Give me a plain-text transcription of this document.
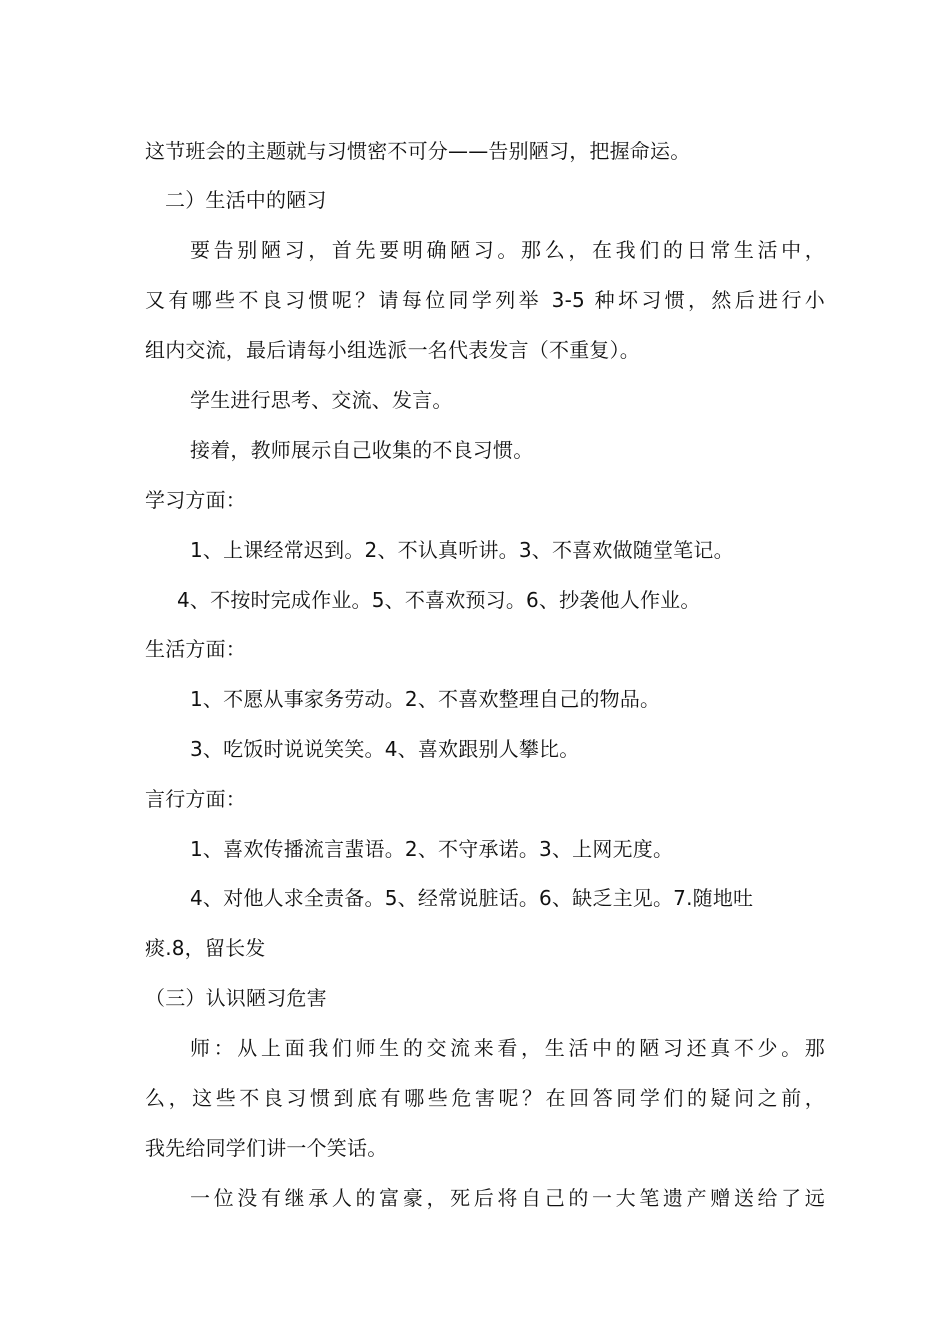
这节班会的主题就与习惯密不可分——告别陋习，把握命运。
二）生活中的陋习
要告别陋习，首先要明确陋习。那么，在我们的日常生活中，
又有哪些不良习惯呢？请每位同学列举 3-5 种坏习惯，然后进行小
组内交流，最后请每小组选派一名代表发言（不重复）。
学生进行思考、交流、发言。
接着，教师展示自己收集的不良习惯。
学习方面：
1、上课经常迟到。2、不认真听讲。3、不喜欢做随堂笔记。
4、不按时完成作业。5、不喜欢预习。6、抄袭他人作业。
生活方面：
1、不愿从事家务劳动。2、不喜欢整理自己的物品。
3、吃饭时说说笑笑。4、喜欢跟别人攀比。
言行方面：
1、喜欢传播流言蜚语。2、不守承诺。3、上网无度。
4、对他人求全责备。5、经常说脏话。6、缺乏主见。7.随地吐
痰.8，留长发
（三）认识陋习危害
师：从上面我们师生的交流来看，生活中的陋习还真不少。那
么，这些不良习惯到底有哪些危害呢？在回答同学们的疑问之前，
我先给同学们讲一个笑话。
一位没有继承人的富豪，死后将自己的一大笔遗产赠送给了远
